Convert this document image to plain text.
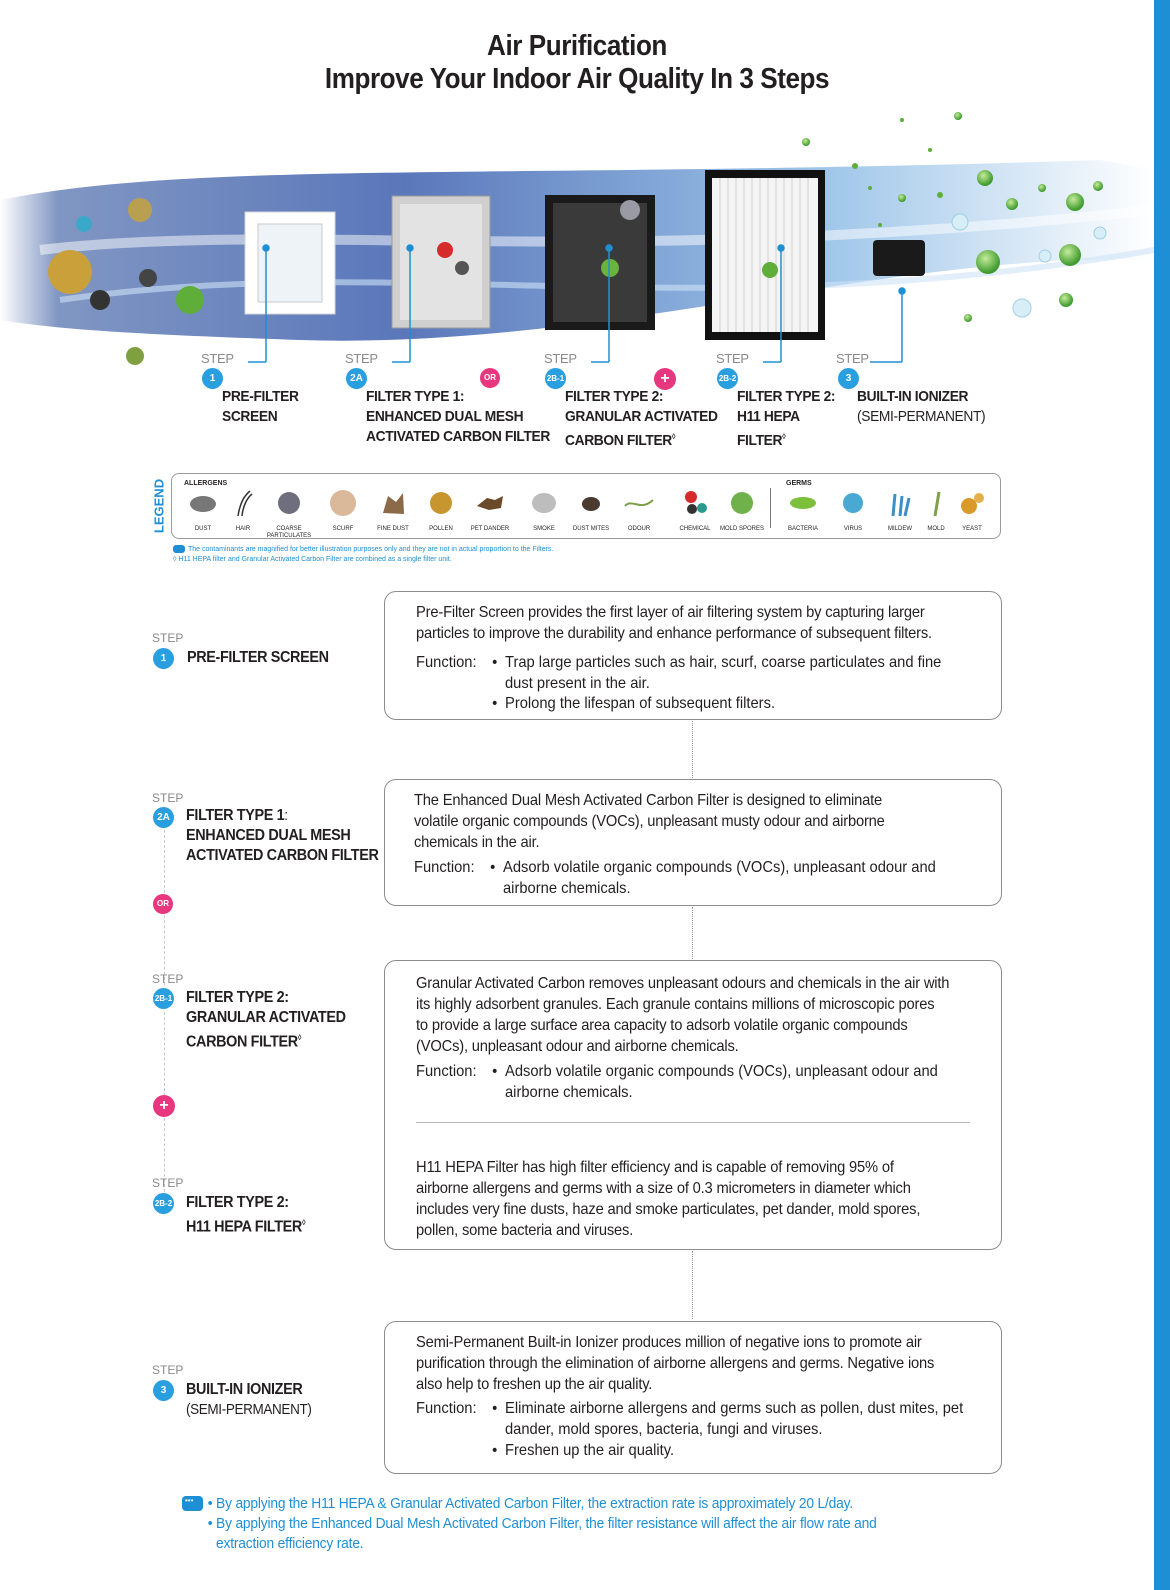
Air Purification
Improve Your Indoor Air Quality In 3 Steps
STEP
1
PRE-FILTER
SCREEN
STEP
2A	OR
FILTER TYPE 1:
ENHANCED DUAL MESH
ACTIVATED CARBON FILTER
STEP
2B-1	+
FILTER TYPE 2:
GRANULAR ACTIVATED
CARBON FILTER◊
STEP
2B-2
FILTER TYPE 2:
H11 HEPA
FILTER◊
STEP
3
BUILT-IN IONIZER
(SEMI-PERMANENT)
LEGEND	ALLERGENS	GERMS
DUST	HAIR	COARSE PARTICULATES
SCURF	FINE DUST	POLLEN	PET DANDER	SMOKE	DUST MITES	ODOUR	CHEMICAL	MOLD SPORES	BACTERIA	VIRUS	MILDEW	MOLD	YEAST
The contaminants are magnified for better illustration purposes only and they are not in actual proportion to the Filters.
◊ H11 HEPA filter and Granular Activated Carbon Filter are combined as a single filter unit.
STEP
1	PRE-FILTER SCREEN
STEP
2A FILTER TYPE 1:
ENHANCED DUAL MESH
ACTIVATED CARBON FILTER
OR
STEP
2B-1 FILTER TYPE 2:
GRANULAR ACTIVATED
CARBON FILTER◊
+
STEP
2B-2 FILTER TYPE 2:
H11 HEPA FILTER◊
STEP
3	BUILT-IN IONIZER
(SEMI-PERMANENT)

Pre-Filter Screen provides the first layer of air filtering system by capturing larger

particles to improve the durability and enhance performance of subsequent filters.

Function: • Trap large particles such as hair, scurf, coarse particulates and fine
dust present in the air.
• Prolong the lifespan of subsequent filters.

The Enhanced Dual Mesh Activated Carbon Filter is designed to eliminate

volatile organic compounds (VOCs), unpleasant musty odour and airborne

chemicals in the air.

Function: • Adsorb volatile organic compounds (VOCs), unpleasant odour and
airborne chemicals.

Granular Activated Carbon removes unpleasant odours and chemicals in the air with

its highly adsorbent granules. Each granule contains millions of microscopic pores

to provide a large surface area capacity to adsorb volatile organic compounds

(VOCs), unpleasant odour and airborne chemicals.

Function: • Adsorb volatile organic compounds (VOCs), unpleasant odour and
airborne chemicals.

H11 HEPA Filter has high filter efficiency and is capable of removing 95% of

airborne allergens and germs with a size of 0.3 micrometers in diameter which

includes very fine dusts, haze and smoke particulates, pet dander, mold spores,

pollen, some bacteria and viruses.

Semi-Permanent Built-in Ionizer produces million of negative ions to promote air

purification through the elimination of airborne allergens and germs. Negative ions

also help to freshen up the air quality.

Function: • Eliminate airborne allergens and germs such as pollen, dust mites, pet
dander, mold spores, bacteria, fungi and viruses.
• Freshen up the air quality.
•••
• By applying the H11 HEPA & Granular Activated Carbon Filter, the extraction rate is approximately 20 L/day.
• By applying the Enhanced Dual Mesh Activated Carbon Filter, the filter resistance will affect the air flow rate and
extraction efficiency rate.
